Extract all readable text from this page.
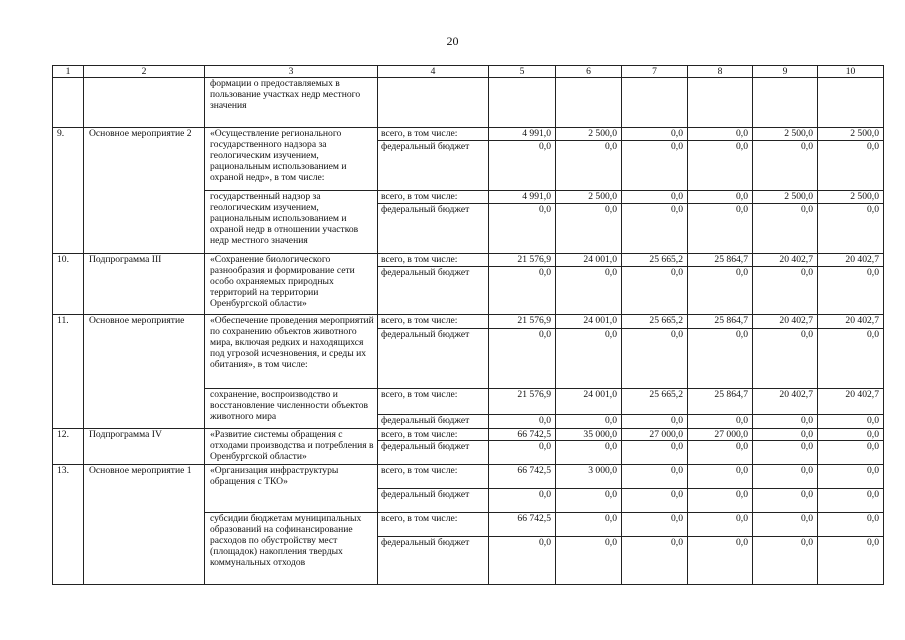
20
1	2	3	4	5	6	7	8	9	10
		формации о предоставляемых в пользование участках недр местного значения							
9.	Основное мероприятие 2	«Осуществление регионального государственного надзора за геологическим изучением, рациональным использованием и охраной недр», в том числе:	всего, в том числе:	4 991,0	2 500,0	0,0	0,0	2 500,0	2 500,0
			федеральный бюджет	0,0	0,0	0,0	0,0	0,0	0,0
		государственный надзор за геологическим изучением, рациональным использованием и охраной недр в отношении участков недр местного значения	всего, в том числе:	4 991,0	2 500,0	0,0	0,0	2 500,0	2 500,0
			федеральный бюджет	0,0	0,0	0,0	0,0	0,0	0,0
10.	Подпрограмма III	«Сохранение биологического разнообразия и формирование сети особо охраняемых природных территорий на территории Оренбургской области»	всего, в том числе:	21 576,9	24 001,0	25 665,2	25 864,7	20 402,7	20 402,7
			федеральный бюджет	0,0	0,0	0,0	0,0	0,0	0,0
11.	Основное мероприятие	«Обеспечение проведения мероприятий по сохранению объектов животного мира, включая редких и находящихся под угрозой исчезновения, и среды их обитания», в том числе:	всего, в том числе:	21 576,9	24 001,0	25 665,2	25 864,7	20 402,7	20 402,7
			федеральный бюджет	0,0	0,0	0,0	0,0	0,0	0,0
		сохранение, воспроизводство и восстановление численности объектов животного мира	всего, в том числе:	21 576,9	24 001,0	25 665,2	25 864,7	20 402,7	20 402,7
			федеральный бюджет	0,0	0,0	0,0	0,0	0,0	0,0
12.	Подпрограмма IV	«Развитие системы обращения с отходами производства и потребления в Оренбургской области»	всего, в том числе:	66 742,5	35 000,0	27 000,0	27 000,0	0,0	0,0
			федеральный бюджет	0,0	0,0	0,0	0,0	0,0	0,0
13.	Основное мероприятие 1	«Организация инфраструктуры обращения с ТКО»	всего, в том числе:	66 742,5	3 000,0	0,0	0,0	0,0	0,0
			федеральный бюджет	0,0	0,0	0,0	0,0	0,0	0,0
		субсидии бюджетам муниципальных образований на софинансирование расходов по обустройству мест (площадок) накопления твердых коммунальных отходов	всего, в том числе:	66 742,5	0,0	0,0	0,0	0,0	0,0
			федеральный бюджет	0,0	0,0	0,0	0,0	0,0	0,0
